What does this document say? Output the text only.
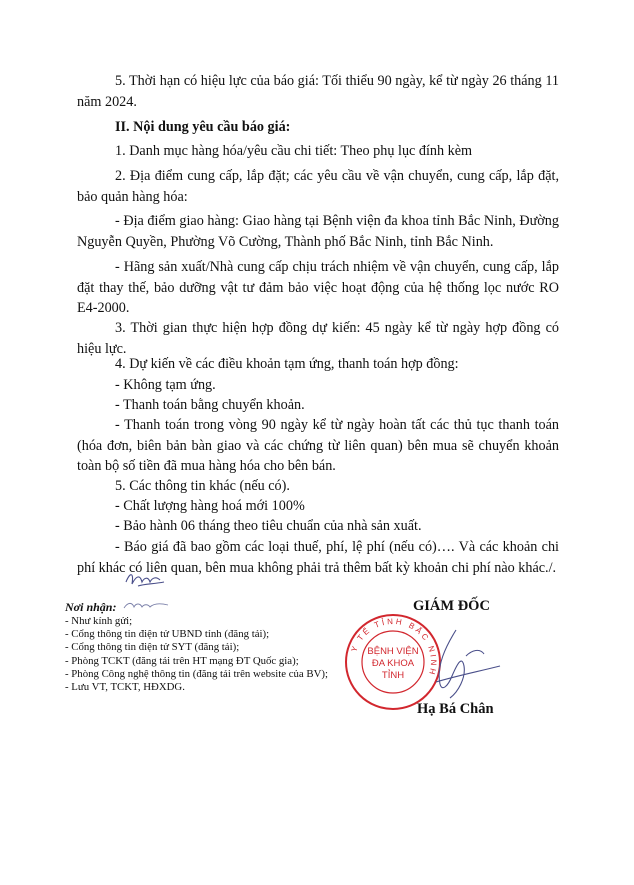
5. Thời hạn có hiệu lực của báo giá: Tối thiểu 90 ngày, kể từ ngày 26 tháng 11 năm 2024.

II. Nội dung yêu cầu báo giá:

1. Danh mục hàng hóa/yêu cầu chi tiết: Theo phụ lục đính kèm

2. Địa điểm cung cấp, lắp đặt; các yêu cầu về vận chuyển, cung cấp, lắp đặt, bảo quản hàng hóa:

- Địa điểm giao hàng: Giao hàng tại Bệnh viện đa khoa tỉnh Bắc Ninh, Đường Nguyễn Quyền, Phường Võ Cường, Thành phố Bắc Ninh, tỉnh Bắc Ninh.

- Hãng sản xuất/Nhà cung cấp chịu trách nhiệm về vận chuyển, cung cấp, lắp đặt thay thế, bảo dưỡng vật tư đảm bảo việc hoạt động của hệ thống lọc nước RO E4-2000.

3. Thời gian thực hiện hợp đồng dự kiến: 45 ngày kể từ ngày hợp đồng có hiệu lực.

4. Dự kiến về các điều khoản tạm ứng, thanh toán hợp đồng:

- Không tạm ứng.

- Thanh toán bằng chuyển khoản.

- Thanh toán trong vòng 90 ngày kể từ ngày hoàn tất các thủ tục thanh toán (hóa đơn, biên bản bàn giao và các chứng từ liên quan) bên mua sẽ chuyển khoản toàn bộ số tiền đã mua hàng hóa cho bên bán.

5. Các thông tin khác (nếu có).

- Chất lượng hàng hoá mới 100%

- Bảo hành 06 tháng theo tiêu chuẩn của nhà sản xuất.

- Báo giá đã bao gồm các loại thuế, phí, lệ phí (nếu có)…. Và các khoản chi phí khác có liên quan, bên mua không phải trả thêm bất kỳ khoản chi phí nào khác./.

Nơi nhận:
- Như kính gửi;
- Cổng thông tin điện tử UBND tỉnh (đăng tải);
- Cổng thông tin điện tử SYT (đăng tải);
- Phòng TCKT (đăng tải trên HT mạng ĐT Quốc gia);
- Phòng Công nghệ thông tin (đăng tải trên website của BV);
- Lưu VT, TCKT, HĐXDG.
GIÁM ĐỐC
Y TẾ TỈNH BẮC NINH
BỆNH VIỆN
ĐA KHOA
TỈNH
Hạ Bá Chân
